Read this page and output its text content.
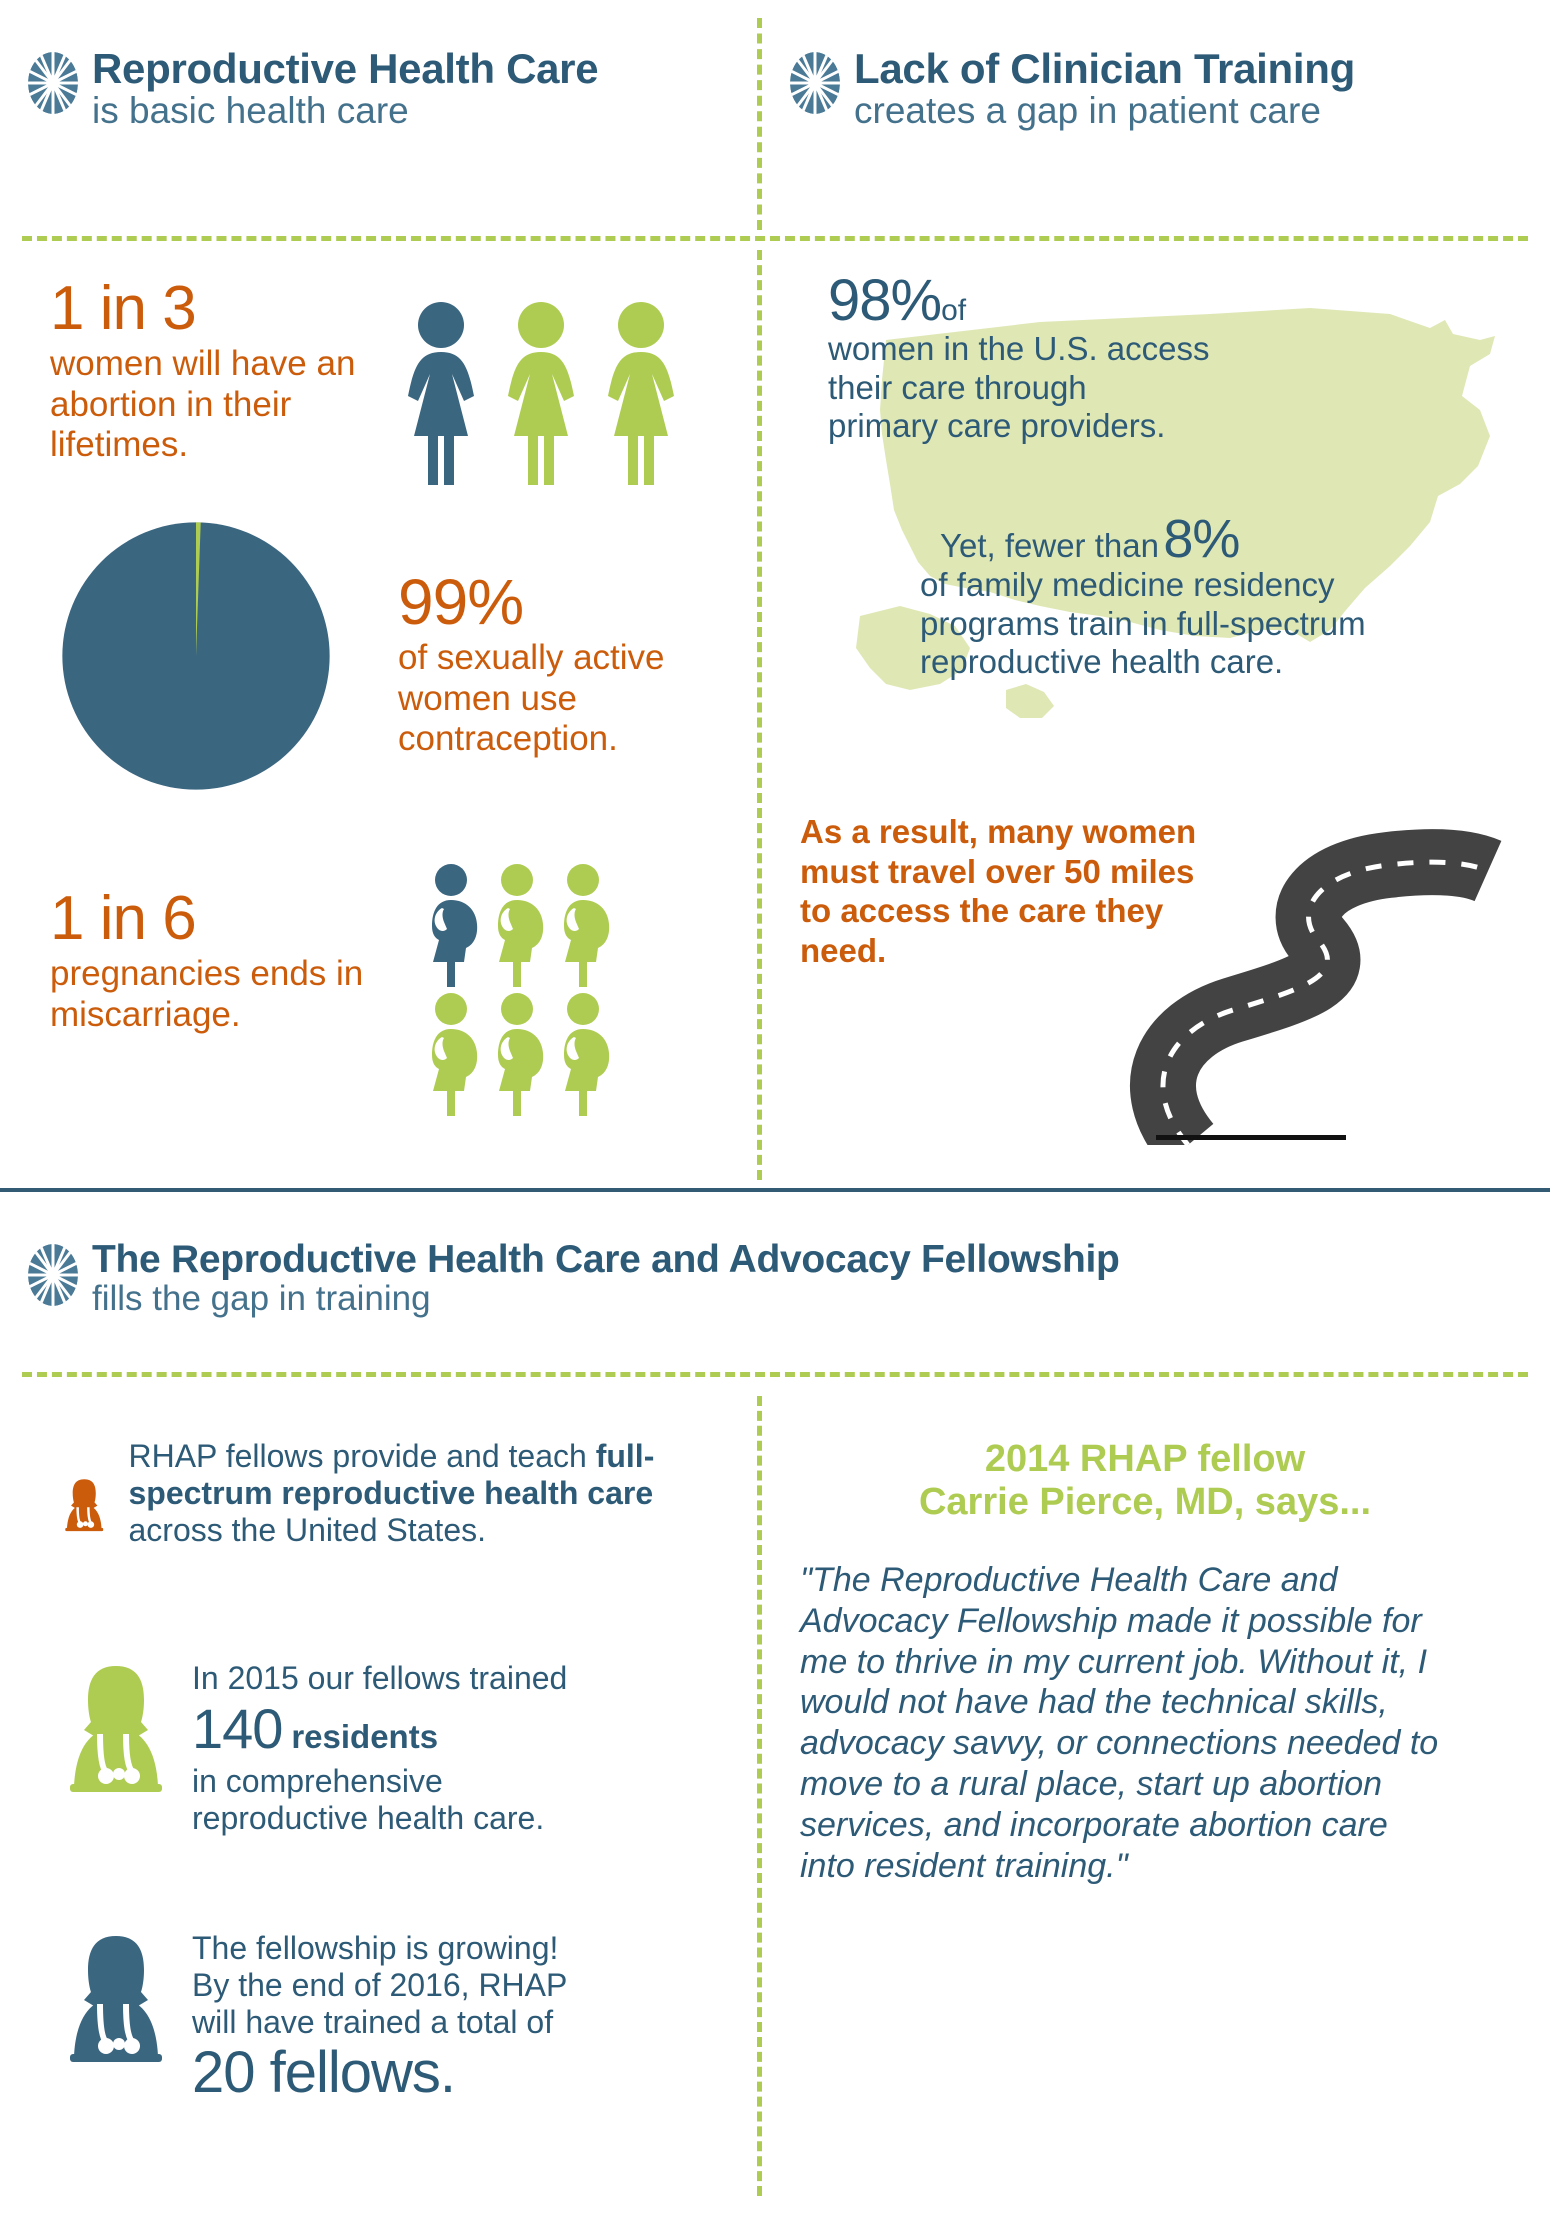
Reproductive Health Care
is basic health care
Lack of Clinician Training
creates a gap in patient care
1 in 3
women will have an abortion in their lifetimes.
99%
of sexually active women use contraception.
1 in 6
pregnancies ends in miscarriage.
98%of
women in the U.S. access
their care through
primary care providers.
Yet, fewer than 8%
of family medicine residency
programs train in full-spectrum
reproductive health care.
As a result, many women
must travel over 50 miles
to access the care they
need.
The Reproductive Health Care and Advocacy Fellowship
fills the gap in training
RHAP fellows provide and teach full-spectrum reproductive health care across the United States.
In 2015 our fellows trained
140 residents
in comprehensive
reproductive health care.
The fellowship is growing!
By the end of 2016, RHAP
will have trained a total of
20 fellows.
2014 RHAP fellow
Carrie Pierce, MD, says...
"The Reproductive Health Care and Advocacy Fellowship made it possible for me to thrive in my current job. Without it, I would not have had the technical skills, advocacy savvy, or connections needed to move to a rural place, start up abortion services, and incorporate abortion care into resident training."
